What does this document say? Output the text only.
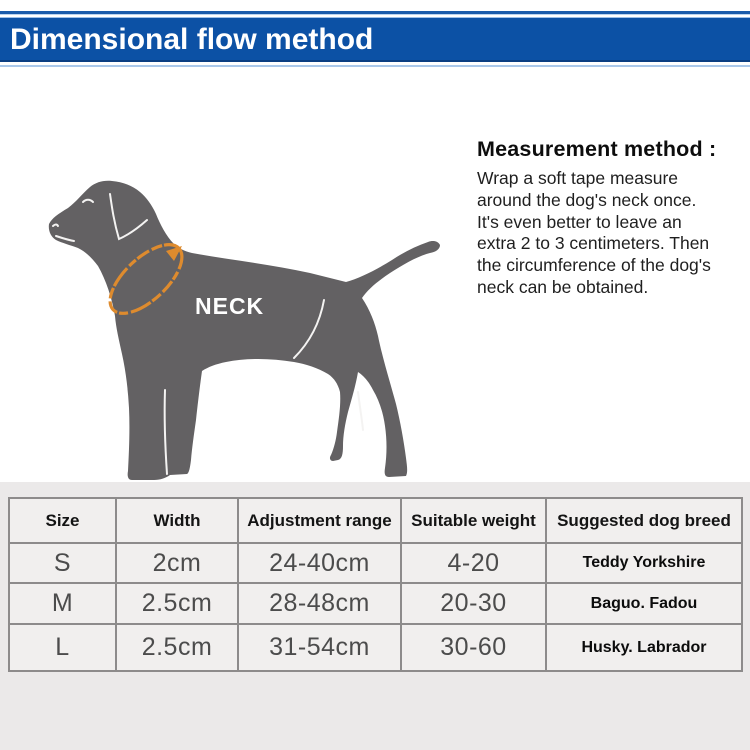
Dimensional flow method
NECK
Measurement method :

Wrap a soft tape measure
around the dog's neck once.
It's even better to leave an
extra 2 to 3 centimeters. Then
the circumference of the dog's
neck can be obtained.

Size	Width	Adjustment range	Suitable weight	Suggested dog breed
S	2cm	24-40cm	4-20	Teddy Yorkshire
M	2.5cm	28-48cm	20-30	Baguo. Fadou
L	2.5cm	31-54cm	30-60	Husky. Labrador
